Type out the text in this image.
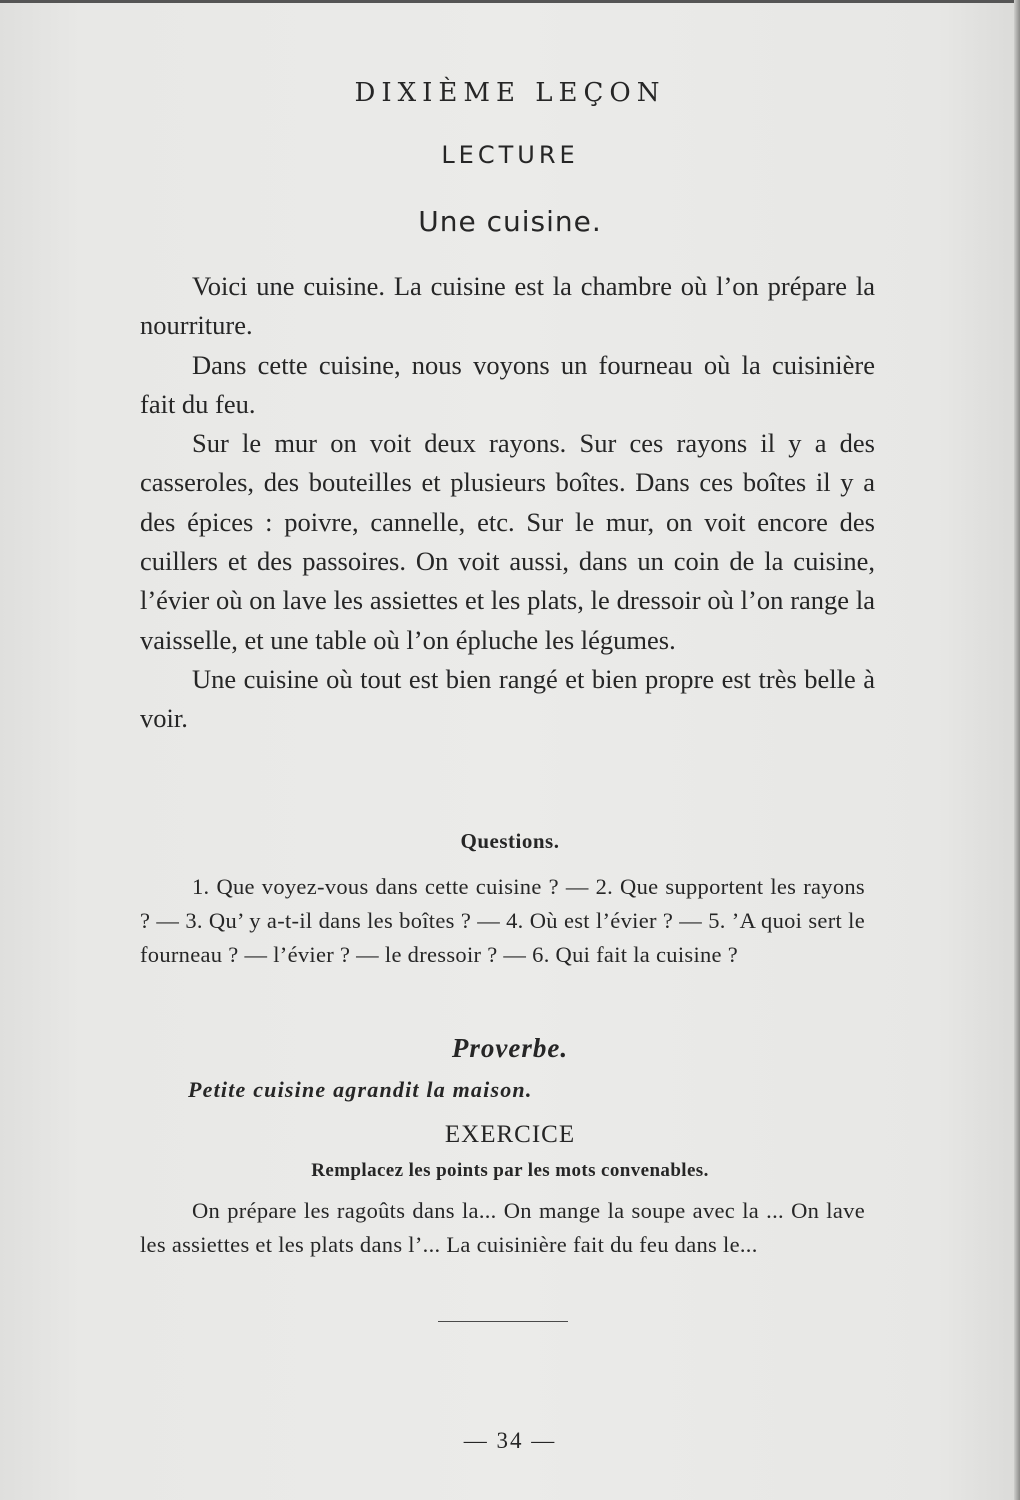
DIXIÈME LEÇON
LECTURE
Une cuisine.

Voici une cuisine. La cuisine est la chambre où l’on prépare la nourriture.

Dans cette cuisine, nous voyons un fourneau où la cuisinière fait du feu.

Sur le mur on voit deux rayons. Sur ces rayons il y a des casseroles, des bouteilles et plusieurs boîtes. Dans ces boîtes il y a des épices : poivre, cannelle, etc. Sur le mur, on voit encore des cuillers et des passoires. On voit aussi, dans un coin de la cuisine, l’évier où on lave les assiettes et les plats, le dressoir où l’on range la vaisselle, et une table où l’on épluche les légumes.

Une cuisine où tout est bien rangé et bien propre est très belle à voir.

Questions.

1. Que voyez-vous dans cette cuisine ? — 2. Que supportent les rayons ? — 3. Qu’ y a-t-il dans les boîtes ? — 4. Où est l’évier ? — 5. ’A quoi sert le fourneau ? — l’évier ? — le dressoir ? — 6. Qui fait la cuisine ?

Proverbe.
Petite cuisine agrandit la maison.
EXERCICE
Remplacez les points par les mots convenables.

On prépare les ragoûts dans la... On mange la soupe avec la ... On lave les assiettes et les plats dans l’... La cuisinière fait du feu dans le...

— 34 —
